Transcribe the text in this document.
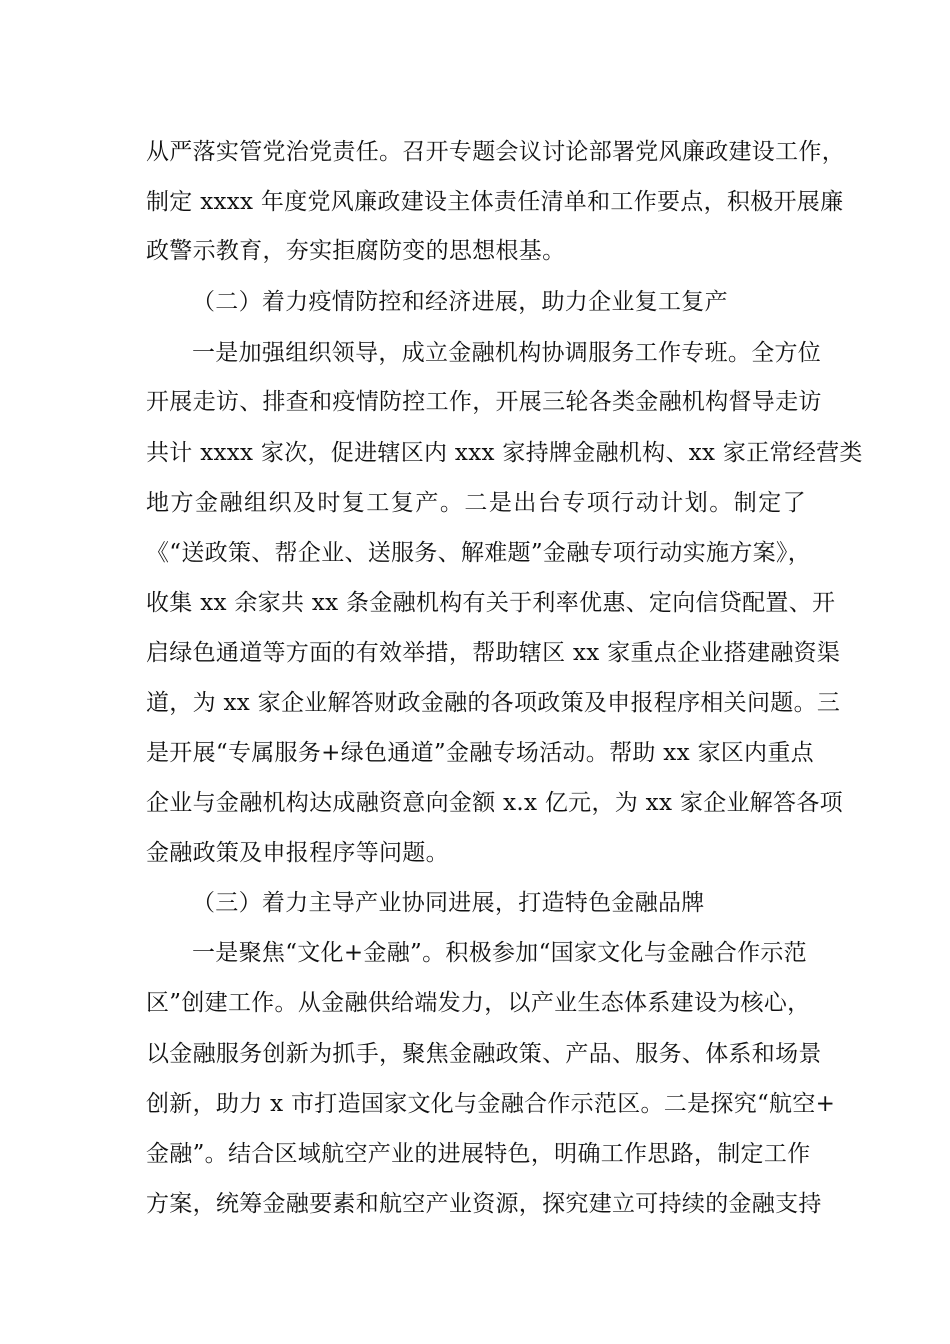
从严落实管党治党责任。召开专题会议讨论部署党风廉政建设工作，
制定 xxxx 年度党风廉政建设主体责任清单和工作要点，积极开展廉
政警示教育，夯实拒腐防变的思想根基。
（二）着力疫情防控和经济进展，助力企业复工复产
一是加强组织领导，成立金融机构协调服务工作专班。全方位
开展走访、排查和疫情防控工作，开展三轮各类金融机构督导走访
共计 xxxx 家次，促进辖区内 xxx 家持牌金融机构、xx 家正常经营类
地方金融组织及时复工复产。二是出台专项行动计划。制定了
《“送政策、帮企业、送服务、解难题”金融专项行动实施方案》，
收集 xx 余家共 xx 条金融机构有关于利率优惠、定向信贷配置、开
启绿色通道等方面的有效举措，帮助辖区 xx 家重点企业搭建融资渠
道，为 xx 家企业解答财政金融的各项政策及申报程序相关问题。三
是开展“专属服务+绿色通道”金融专场活动。帮助 xx 家区内重点
企业与金融机构达成融资意向金额 x.x 亿元，为 xx 家企业解答各项
金融政策及申报程序等问题。
（三）着力主导产业协同进展，打造特色金融品牌
一是聚焦“文化+金融”。积极参加“国家文化与金融合作示范
区”创建工作。从金融供给端发力，以产业生态体系建设为核心，
以金融服务创新为抓手，聚焦金融政策、产品、服务、体系和场景
创新，助力 x 市打造国家文化与金融合作示范区。二是探究“航空+
金融”。结合区域航空产业的进展特色，明确工作思路，制定工作
方案，统筹金融要素和航空产业资源，探究建立可持续的金融支持
